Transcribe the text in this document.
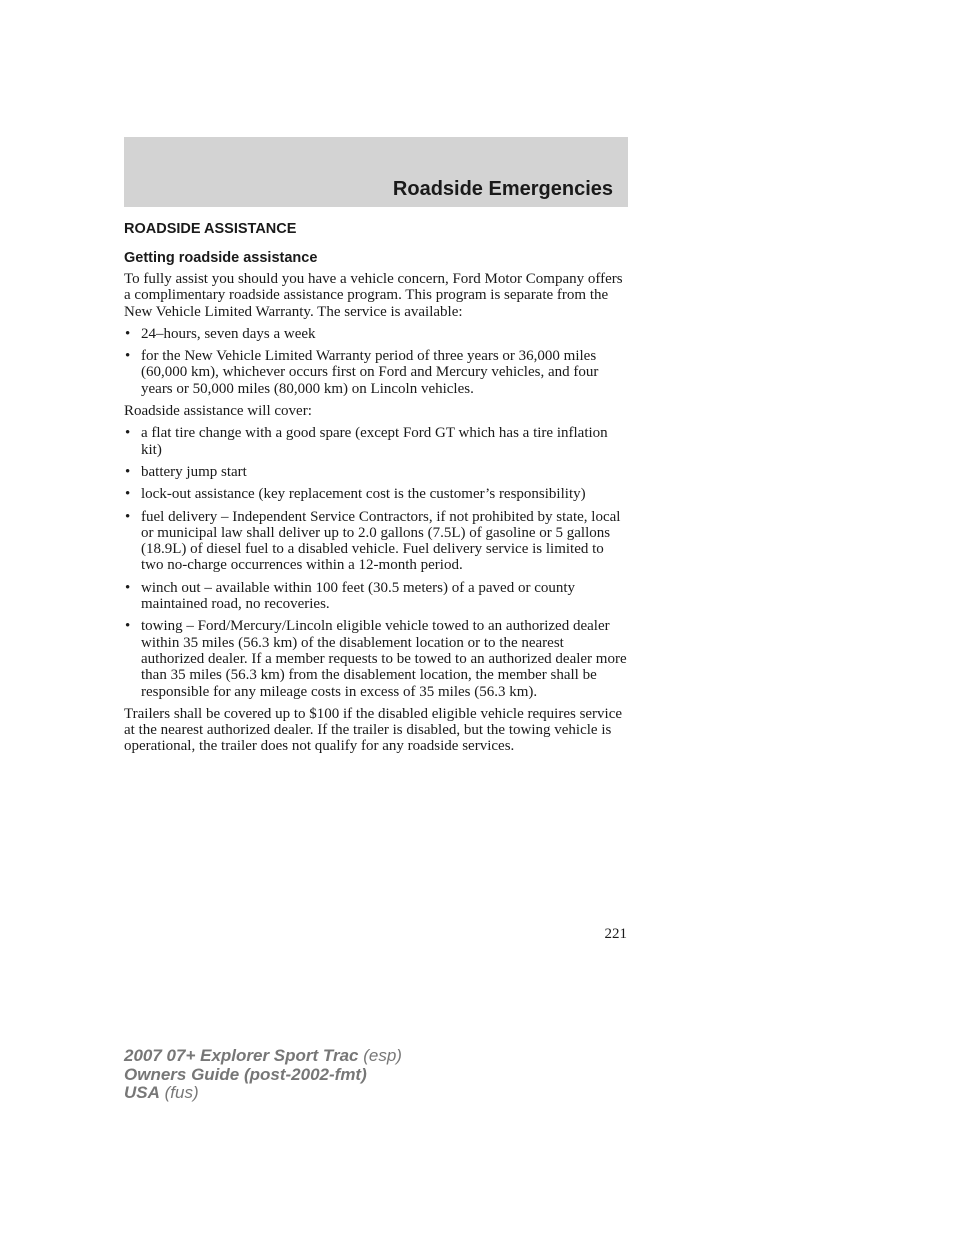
Roadside Emergencies
ROADSIDE ASSISTANCE
Getting roadside assistance

To fully assist you should you have a vehicle concern, Ford Motor Company offers a complimentary roadside assistance program. This program is separate from the New Vehicle Limited Warranty. The service is available:

• 24–hours, seven days a week
• for the New Vehicle Limited Warranty period of three years or 36,000 miles (60,000 km), whichever occurs first on Ford and Mercury vehicles, and four years or 50,000 miles (80,000 km) on Lincoln vehicles.

Roadside assistance will cover:

• a flat tire change with a good spare (except Ford GT which has a tire inflation kit)
• battery jump start
• lock-out assistance (key replacement cost is the customer’s responsibility)
• fuel delivery – Independent Service Contractors, if not prohibited by state, local or municipal law shall deliver up to 2.0 gallons (7.5L) of gasoline or 5 gallons (18.9L) of diesel fuel to a disabled vehicle. Fuel delivery service is limited to two no-charge occurrences within a 12-month period.
• winch out – available within 100 feet (30.5 meters) of a paved or county maintained road, no recoveries.
• towing – Ford/Mercury/Lincoln eligible vehicle towed to an authorized dealer within 35 miles (56.3 km) of the disablement location or to the nearest authorized dealer. If a member requests to be towed to an authorized dealer more than 35 miles (56.3 km) from the disablement location, the member shall be responsible for any mileage costs in excess of 35 miles (56.3 km).

Trailers shall be covered up to $100 if the disabled eligible vehicle requires service at the nearest authorized dealer. If the trailer is disabled, but the towing vehicle is operational, the trailer does not qualify for any roadside services.

221
2007 07+ Explorer Sport Trac (esp)
Owners Guide (post-2002-fmt)
USA (fus)
